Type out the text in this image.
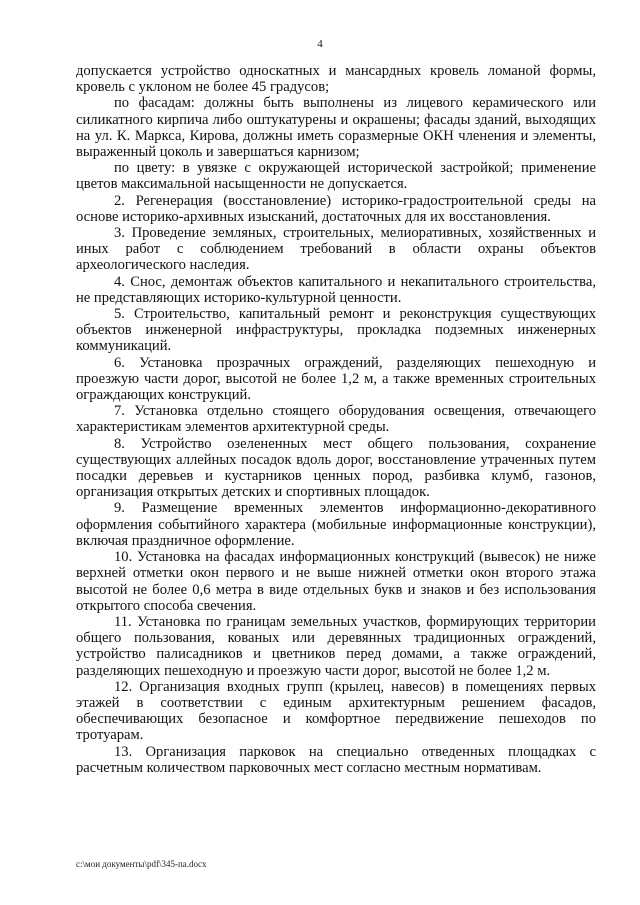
4

допускается устройство односкатных и мансардных кровель ломаной формы, кровель с уклоном не более 45 градусов;

по фасадам: должны быть выполнены из лицевого керамического или силикатного кирпича либо оштукатурены и окрашены; фасады зданий, выходящих на ул. К. Маркса, Кирова, должны иметь соразмерные ОКН членения и элементы, выраженный цоколь и завершаться карнизом;

по цвету: в увязке с окружающей исторической застройкой; применение цветов максимальной насыщенности не допускается.

2. Регенерация (восстановление) историко-градостроительной среды на основе историко-архивных изысканий, достаточных для их восстановления.

3. Проведение земляных, строительных, мелиоративных, хозяйственных и иных работ с соблюдением требований в области охраны объектов археологического наследия.

4. Снос, демонтаж объектов капитального и некапитального строительства, не представляющих историко-культурной ценности.

5. Строительство, капитальный ремонт и реконструкция существующих объектов инженерной инфраструктуры, прокладка подземных инженерных коммуникаций.

6. Установка прозрачных ограждений, разделяющих пешеходную и проезжую части дорог, высотой не более 1,2 м, а также временных строительных ограждающих конструкций.

7. Установка отдельно стоящего оборудования освещения, отвечающего характеристикам элементов архитектурной среды.

8. Устройство озелененных мест общего пользования, сохранение существующих аллейных посадок вдоль дорог, восстановление утраченных путем посадки деревьев и кустарников ценных пород, разбивка клумб, газонов, организация открытых детских и спортивных площадок.

9. Размещение временных элементов информационно-декоративного оформления событийного характера (мобильные информационные конструкции), включая праздничное оформление.

10. Установка на фасадах информационных конструкций (вывесок) не ниже верхней отметки окон первого и не выше нижней отметки окон второго этажа высотой не более 0,6 метра в виде отдельных букв и знаков и без использования открытого способа свечения.

11. Установка по границам земельных участков, формирующих территории общего пользования, кованых или деревянных традиционных ограждений, устройство палисадников и цветников перед домами, а также ограждений, разделяющих пешеходную и проезжую части дорог, высотой не более 1,2 м.

12. Организация входных групп (крылец, навесов) в помещениях первых этажей в соответствии с единым архитектурным решением фасадов, обеспечивающих безопасное и комфортное передвижение пешеходов по тротуарам.

13. Организация парковок на специально отведенных площадках с расчетным количеством парковочных мест согласно местным нормативам.

c:\мои документы\pdf\345-па.docx
